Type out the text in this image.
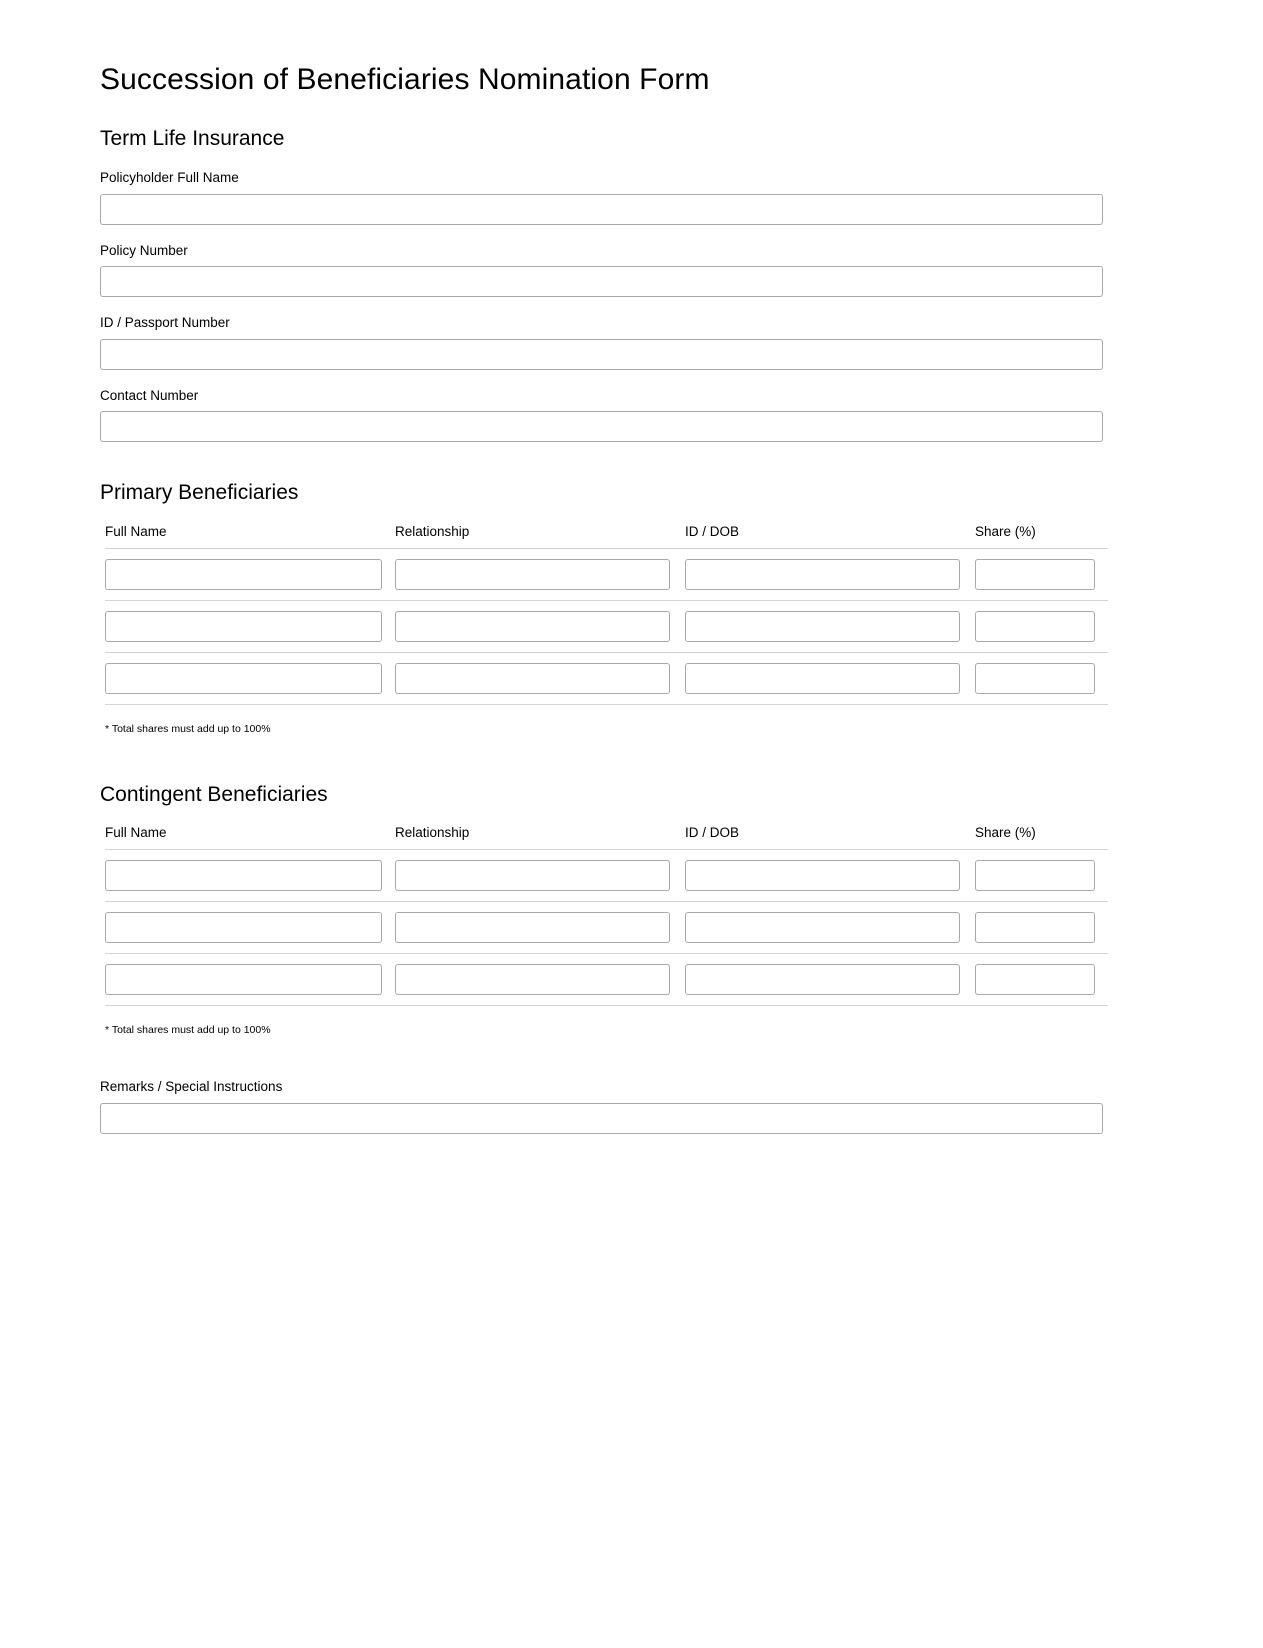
Succession of Beneficiaries Nomination Form
Term Life Insurance
Policyholder Full Name
Policy Number
ID / Passport Number
Contact Number
Primary Beneficiaries
Full Name	Relationship	ID / DOB	Share (%)

* Total shares must add up to 100%
Contingent Beneficiaries
Full Name	Relationship	ID / DOB	Share (%)

* Total shares must add up to 100%
Remarks / Special Instructions
